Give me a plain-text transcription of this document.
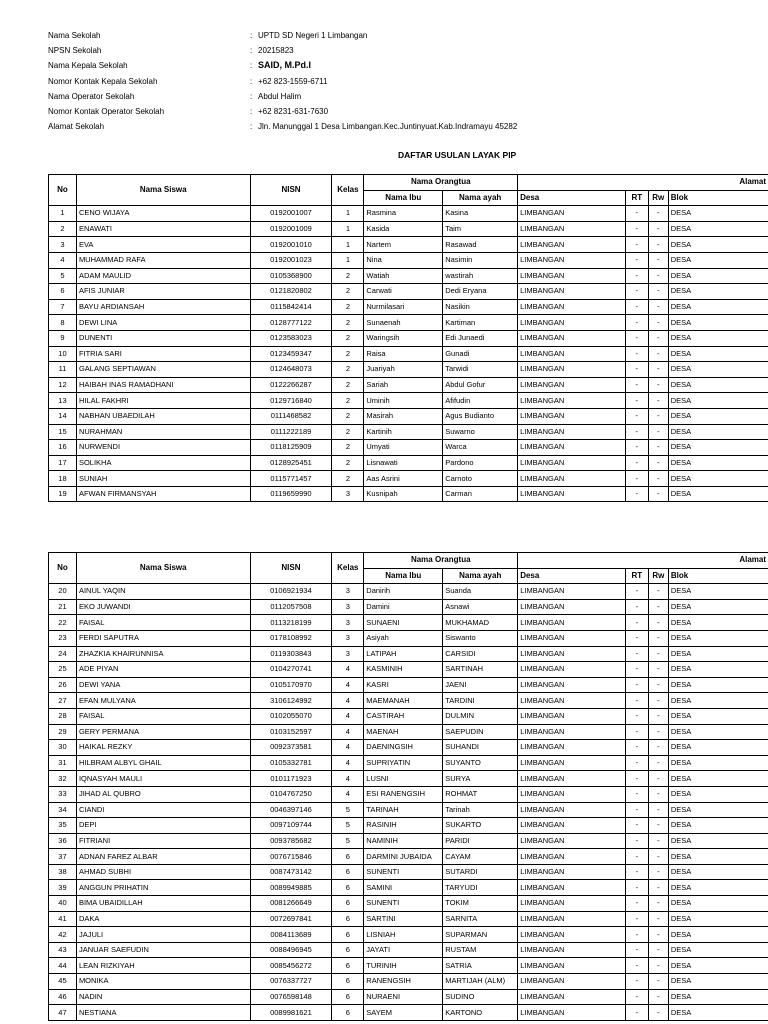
Nama Sekolah	: UPTD SD Negeri 1 Limbangan
NPSN Sekolah	: 20215823
Nama Kepala Sekolah	: SAID, M.Pd.I
Nomor Kontak Kepala Sekolah	: +62 823-1559-6711
Nama Operator Sekolah	: Abdul Halim
Nomor Kontak Operator Sekolah	: +62 8231-631-7630
Alamat Sekolah	: Jln. Manunggal 1 Desa Limbangan.Kec.Juntinyuat.Kab.Indramayu 45282
DAFTAR USULAN LAYAK PIP
No	Nama Siswa	NISN	Kelas	Nama Orangtua		Alamat			
				Nama Ibu	Nama ayah	Desa	RT	Rw	Blok
1	CENO WIJAYA	0192001007	1	Rasmina	Kasina	LIMBANGAN	-	-	DESA
2	ENAWATI	0192001009	1	Kasida	Taim	LIMBANGAN	-	-	DESA
3	EVA	0192001010	1	Nartem	Rasawad	LIMBANGAN	-	-	DESA
4	MUHAMMAD RAFA	0192001023	1	Nina	Nasimin	LIMBANGAN	-	-	DESA
5	ADAM MAULID	0105368900	2	Watiah	wastirah	LIMBANGAN	-	-	DESA
6	AFIS JUNIAR	0121820802	2	Carwati	Dedi Eryana	LIMBANGAN	-	-	DESA
7	BAYU ARDIANSAH	0115842414	2	Nurmilasari	Nasikin	LIMBANGAN	-	-	DESA
8	DEWI LINA	0128777122	2	Sunaenah	Kartiman	LIMBANGAN	-	-	DESA
9	DUNENTI	0123583023	2	Waringsih	Edi Junaedi	LIMBANGAN	-	-	DESA
10	FITRIA SARI	0123459347	2	Raisa	Gunadi	LIMBANGAN	-	-	DESA
11	GALANG SEPTIAWAN	0124648073	2	Juariyah	Tarwidi	LIMBANGAN	-	-	DESA
12	HAIBAH INAS RAMADHANI	0122266287	2	Sariah	Abdul Gofur	LIMBANGAN	-	-	DESA
13	HILAL FAKHRI	0129716840	2	Uminih	Afifudin	LIMBANGAN	-	-	DESA
14	NABHAN UBAEDILAH	0111468582	2	Masirah	Agus Budianto	LIMBANGAN	-	-	DESA
15	NURAHMAN	0111222189	2	Kartinih	Suwarno	LIMBANGAN	-	-	DESA
16	NURWENDI	0118125909	2	Umyati	Warca	LIMBANGAN	-	-	DESA
17	SOLIKHA	0128925451	2	Lisnawati	Pardono	LIMBANGAN	-	-	DESA
18	SUNIAH	0115771457	2	Aas Asrini	Carnoto	LIMBANGAN	-	-	DESA
19	AFWAN FIRMANSYAH	0119659990	3	Kusnipah	Carman	LIMBANGAN	-	-	DESA
No	Nama Siswa	NISN	Kelas	Nama Orangtua		Alamat			
				Nama Ibu	Nama ayah	Desa	RT	Rw	Blok
20	AINUL YAQIN	0106921934	3	Danirih	Suanda	LIMBANGAN	-	-	DESA
21	EKO JUWANDI	0112057508	3	Damini	Asnawi	LIMBANGAN	-	-	DESA
22	FAISAL	0113218199	3	SUNAENI	MUKHAMAD	LIMBANGAN	-	-	DESA
23	FERDI SAPUTRA	0178108992	3	Asiyah	Siswanto	LIMBANGAN	-	-	DESA
24	ZHAZKIA KHAIRUNNISA	0119303843	3	LATIPAH	CARSIDI	LIMBANGAN	-	-	DESA
25	ADE PIYAN	0104270741	4	KASMINIH	SARTINAH	LIMBANGAN	-	-	DESA
26	DEWI YANA	0105170970	4	KASRI	JAENI	LIMBANGAN	-	-	DESA
27	EFAN MULYANA	3106124992	4	MAEMANAH	TARDINI	LIMBANGAN	-	-	DESA
28	FAISAL	0102055070	4	CASTIRAH	DULMIN	LIMBANGAN	-	-	DESA
29	GERY PERMANA	0103152597	4	MAENAH	SAEPUDIN	LIMBANGAN	-	-	DESA
30	HAIKAL REZKY	0092373581	4	DAENINGSIH	SUHANDI	LIMBANGAN	-	-	DESA
31	HILBRAM ALBYL GHAIL	0105332781	4	SUPRIYATIN	SUYANTO	LIMBANGAN	-	-	DESA
32	IQNASYAH MAULI	0101171923	4	LUSNI	SURYA	LIMBANGAN	-	-	DESA
33	JIHAD AL QUBRO	0104767250	4	ESI RANENGSIH	ROHMAT	LIMBANGAN	-	-	DESA
34	CIANDI	0046397146	5	TARINAH	Tarinah	LIMBANGAN	-	-	DESA
35	DEPI	0097109744	5	RASINIH	SUKARTO	LIMBANGAN	-	-	DESA
36	FITRIANI	0093785682	5	NAMINIH	PARIDI	LIMBANGAN	-	-	DESA
37	ADNAN FAREZ ALBAR	0076715846	6	DARMINI JUBAIDA	CAYAM	LIMBANGAN	-	-	DESA
38	AHMAD SUBHI	0087473142	6	SUNENTI	SUTARDI	LIMBANGAN	-	-	DESA
39	ANGGUN PRIHATIN	0089949885	6	SAMINI	TARYUDI	LIMBANGAN	-	-	DESA
40	BIMA UBAIDILLAH	0081266649	6	SUNENTI	TOKIM	LIMBANGAN	-	-	DESA
41	DAKA	0072697841	6	SARTINI	SARNITA	LIMBANGAN	-	-	DESA
42	JAJULI	0084113689	6	LISNIAH	SUPARMAN	LIMBANGAN	-	-	DESA
43	JANUAR SAEFUDIN	0088496945	6	JAYATI	RUSTAM	LIMBANGAN	-	-	DESA
44	LEAN RIZKIYAH	0085456272	6	TURINIH	SATRIA	LIMBANGAN	-	-	DESA
45	MONIKA	0076337727	6	RANENGSIH	MARTIJAH (ALM)	LIMBANGAN	-	-	DESA
46	NADIN	0076598148	6	NURAENI	SUDINO	LIMBANGAN	-	-	DESA
47	NESTIANA	0089981621	6	SAYEM	KARTONO	LIMBANGAN	-	-	DESA
